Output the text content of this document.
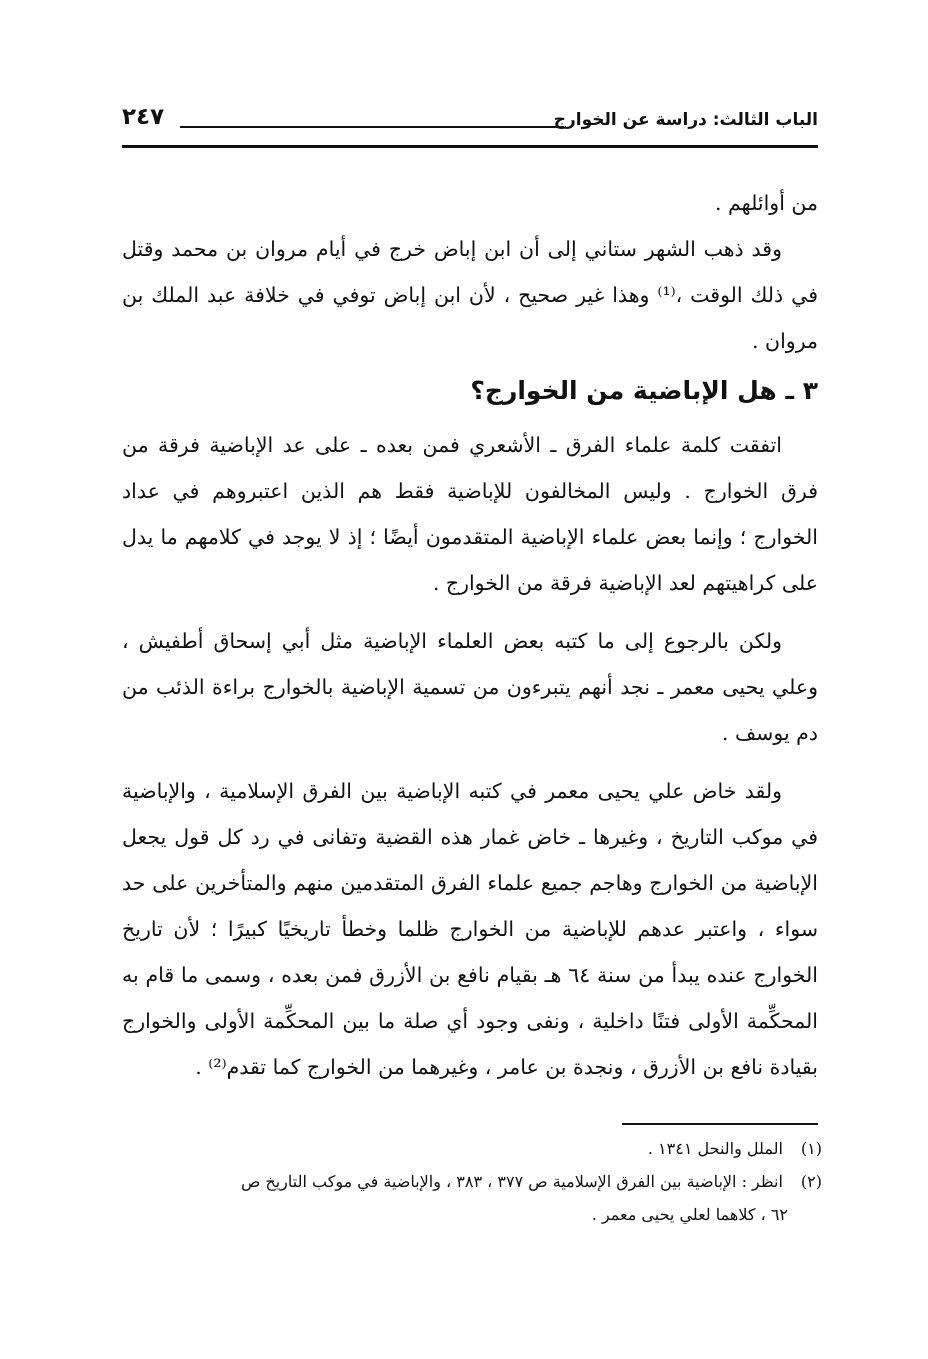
٢٤٧	الباب الثالث: دراسة عن الخوارج

من أوائلهم .

وقد ذهب الشهر ستاني إلى أن ابن إباض خرج في أيام مروان بن محمد وقتل في ذلك الوقت ،⁽¹⁾ وهذا غير صحيح ، لأن ابن إباض توفي في خلافة عبد الملك بن مروان .

٣ ـ هل الإباضية من الخوارج؟

اتفقت كلمة علماء الفرق ـ الأشعري فمن بعده ـ على عد الإباضية فرقة من فرق الخوارج . وليس المخالفون للإباضية فقط هم الذين اعتبروهم في عداد الخوارج ؛ وإنما بعض علماء الإباضية المتقدمون أيضًا ؛ إذ لا يوجد في كلامهم ما يدل على كراهيتهم لعد الإباضية فرقة من الخوارج .

ولكن بالرجوع إلى ما كتبه بعض العلماء الإباضية مثل أبي إسحاق أطفيش ، وعلي يحيى معمر ـ نجد أنهم يتبرءون من تسمية الإباضية بالخوارج براءة الذئب من دم يوسف .

ولقد خاض علي يحيى معمر في كتبه الإباضية بين الفرق الإسلامية ، والإباضية في موكب التاريخ ، وغيرها ـ خاض غمار هذه القضية وتفانى في رد كل قول يجعل الإباضية من الخوارج وهاجم جميع علماء الفرق المتقدمين منهم والمتأخرين على حد سواء ، واعتبر عدهم للإباضية من الخوارج ظلما وخطأ تاريخيًا كبيرًا ؛ لأن تاريخ الخوارج عنده يبدأ من سنة ٦٤ هـ بقيام نافع بن الأزرق فمن بعده ، وسمى ما قام به المحكِّمة الأولى فتنًا داخلية ، ونفى وجود أي صلة ما بين المحكِّمة الأولى والخوارج بقيادة نافع بن الأزرق ، ونجدة بن عامر ، وغيرهما من الخوارج كما تقدم⁽²⁾ .

(١) الملل والنحل ١٣٤١ .

(٢) انظر : الإباضية بين الفرق الإسلامية ص ٣٧٧ ، ٣٨٣ ، والإباضية في موكب التاريخ ص

٦٢ ، كلاهما لعلي يحيى معمر .
